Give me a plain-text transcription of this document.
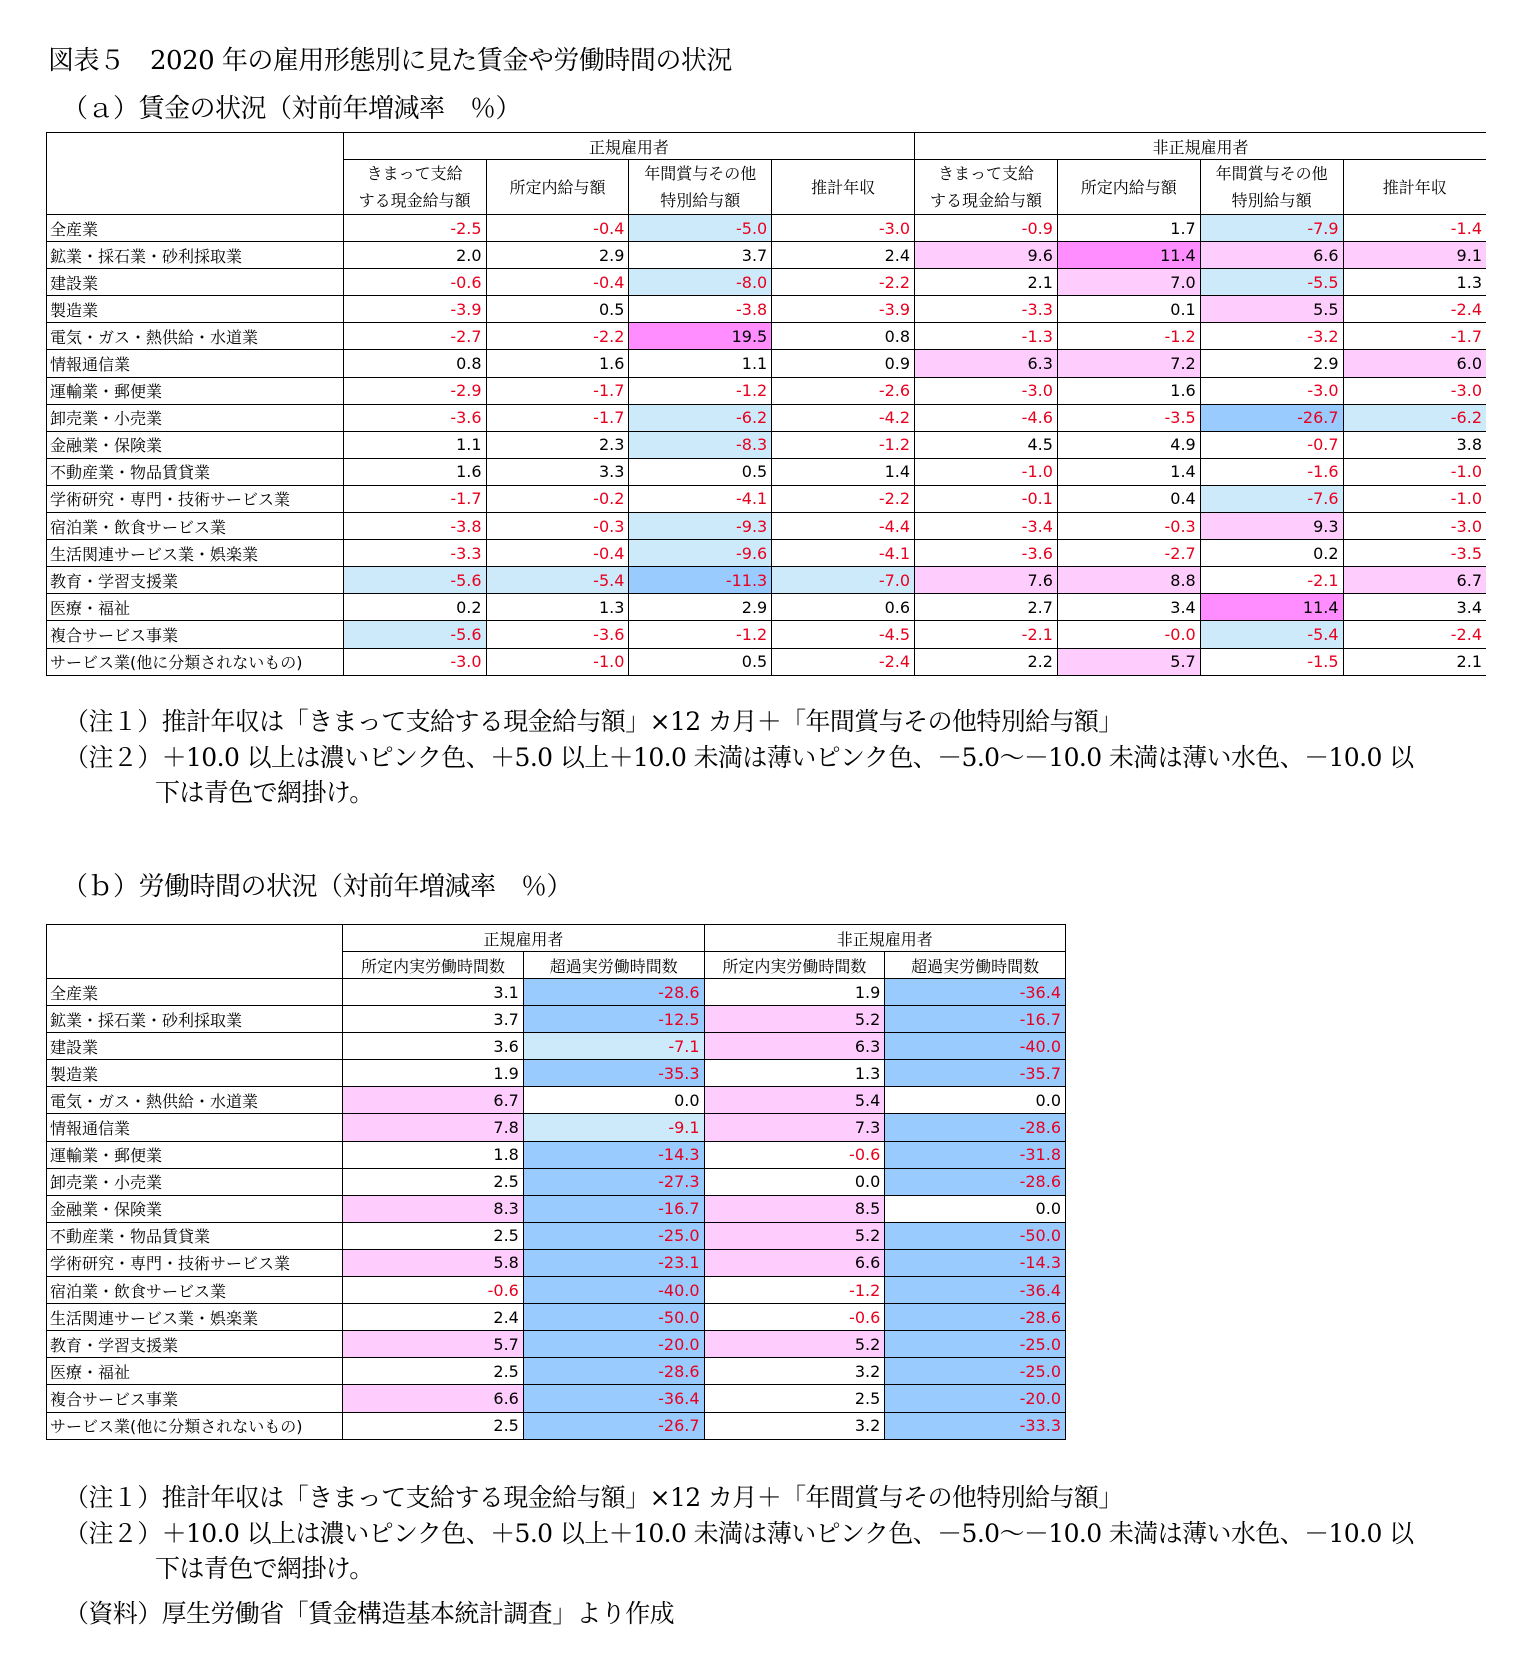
図表５　2020 年の雇用形態別に見た賃金や労働時間の状況
（ａ）賃金の状況（対前年増減率　％）
	正規雇用者				非正規雇用者			
	きまって支給
する現金給与額	所定内給与額	年間賞与その他
特別給与額	推計年収	きまって支給
する現金給与額	所定内給与額	年間賞与その他
特別給与額	推計年収
全産業	-2.5	-0.4	-5.0	-3.0	-0.9	1.7	-7.9	-1.4
鉱業・採石業・砂利採取業	2.0	2.9	3.7	2.4	9.6	11.4	6.6	9.1
建設業	-0.6	-0.4	-8.0	-2.2	2.1	7.0	-5.5	1.3
製造業	-3.9	0.5	-3.8	-3.9	-3.3	0.1	5.5	-2.4
電気・ガス・熱供給・水道業	-2.7	-2.2	19.5	0.8	-1.3	-1.2	-3.2	-1.7
情報通信業	0.8	1.6	1.1	0.9	6.3	7.2	2.9	6.0
運輸業・郵便業	-2.9	-1.7	-1.2	-2.6	-3.0	1.6	-3.0	-3.0
卸売業・小売業	-3.6	-1.7	-6.2	-4.2	-4.6	-3.5	-26.7	-6.2
金融業・保険業	1.1	2.3	-8.3	-1.2	4.5	4.9	-0.7	3.8
不動産業・物品賃貸業	1.6	3.3	0.5	1.4	-1.0	1.4	-1.6	-1.0
学術研究・専門・技術サービス業	-1.7	-0.2	-4.1	-2.2	-0.1	0.4	-7.6	-1.0
宿泊業・飲食サービス業	-3.8	-0.3	-9.3	-4.4	-3.4	-0.3	9.3	-3.0
生活関連サービス業・娯楽業	-3.3	-0.4	-9.6	-4.1	-3.6	-2.7	0.2	-3.5
教育・学習支援業	-5.6	-5.4	-11.3	-7.0	7.6	8.8	-2.1	6.7
医療・福祉	0.2	1.3	2.9	0.6	2.7	3.4	11.4	3.4
複合サービス事業	-5.6	-3.6	-1.2	-4.5	-2.1	-0.0	-5.4	-2.4
サービス業(他に分類されないもの)	-3.0	-1.0	0.5	-2.4	2.2	5.7	-1.5	2.1
（注１）推計年収は「きまって支給する現金給与額」×12 カ月＋「年間賞与その他特別給与額」
（注２）＋10.0 以上は濃いピンク色、＋5.0 以上＋10.0 未満は薄いピンク色、－5.0～－10.0 未満は薄い水色、－10.0 以
下は青色で網掛け。
（ｂ）労働時間の状況（対前年増減率　％）
	正規雇用者		非正規雇用者	
	所定内実労働時間数	超過実労働時間数	所定内実労働時間数	超過実労働時間数
全産業	3.1	-28.6	1.9	-36.4
鉱業・採石業・砂利採取業	3.7	-12.5	5.2	-16.7
建設業	3.6	-7.1	6.3	-40.0
製造業	1.9	-35.3	1.3	-35.7
電気・ガス・熱供給・水道業	6.7	0.0	5.4	0.0
情報通信業	7.8	-9.1	7.3	-28.6
運輸業・郵便業	1.8	-14.3	-0.6	-31.8
卸売業・小売業	2.5	-27.3	0.0	-28.6
金融業・保険業	8.3	-16.7	8.5	0.0
不動産業・物品賃貸業	2.5	-25.0	5.2	-50.0
学術研究・専門・技術サービス業	5.8	-23.1	6.6	-14.3
宿泊業・飲食サービス業	-0.6	-40.0	-1.2	-36.4
生活関連サービス業・娯楽業	2.4	-50.0	-0.6	-28.6
教育・学習支援業	5.7	-20.0	5.2	-25.0
医療・福祉	2.5	-28.6	3.2	-25.0
複合サービス事業	6.6	-36.4	2.5	-20.0
サービス業(他に分類されないもの)	2.5	-26.7	3.2	-33.3
（注１）推計年収は「きまって支給する現金給与額」×12 カ月＋「年間賞与その他特別給与額」
（注２）＋10.0 以上は濃いピンク色、＋5.0 以上＋10.0 未満は薄いピンク色、－5.0～－10.0 未満は薄い水色、－10.0 以
下は青色で網掛け。
（資料）厚生労働省「賃金構造基本統計調査」より作成
